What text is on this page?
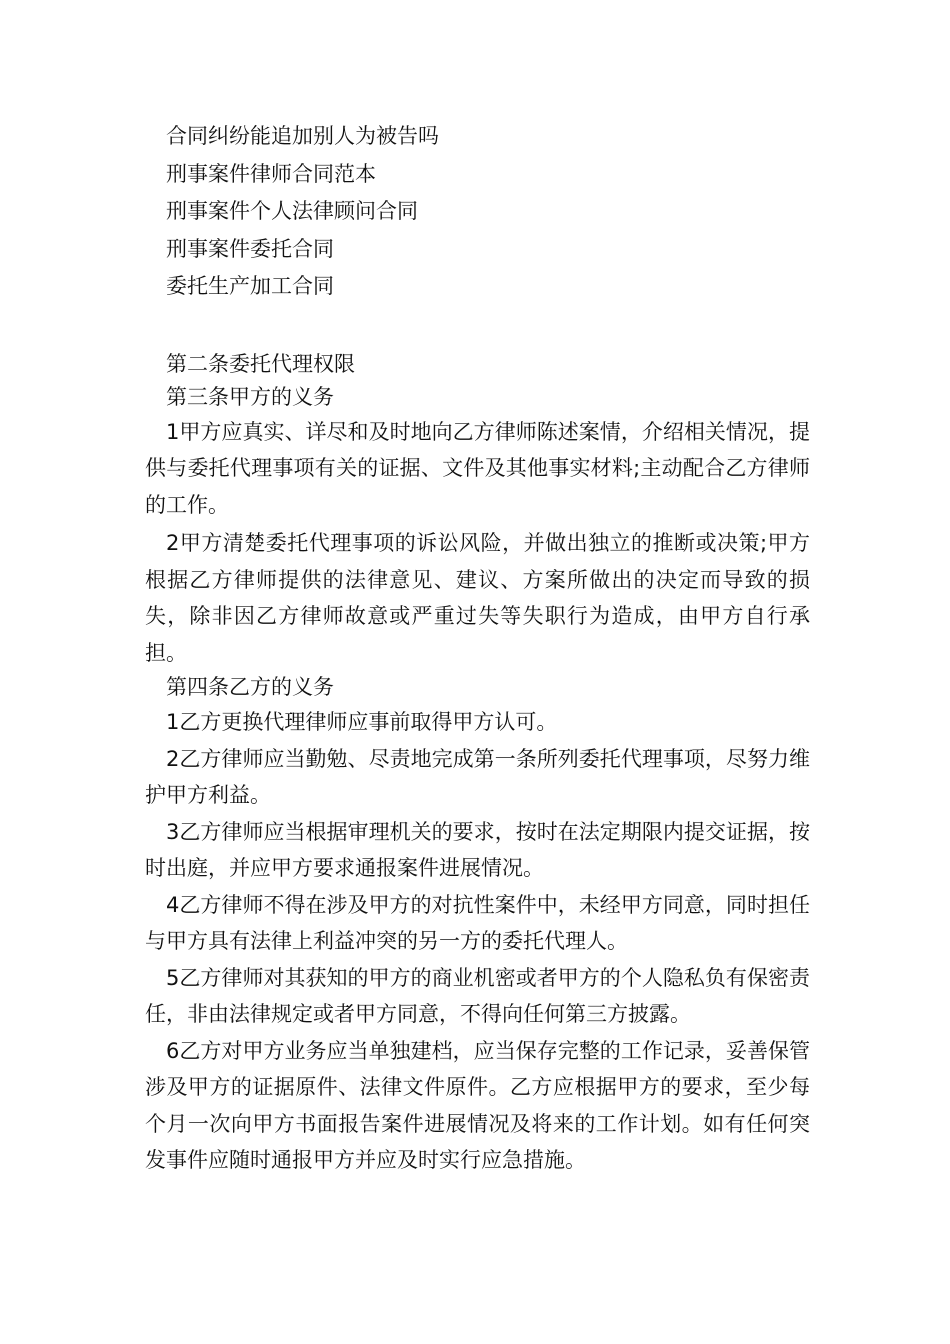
合同纠纷能追加别人为被告吗
刑事案件律师合同范本
刑事案件个人法律顾问合同
刑事案件委托合同
委托生产加工合同
第二条委托代理权限
第三条甲方的义务

1甲方应真实、详尽和及时地向乙方律师陈述案情，介绍相关情况，提供与委托代理事项有关的证据、文件及其他事实材料;主动配合乙方律师的工作。

2甲方清楚委托代理事项的诉讼风险，并做出独立的推断或决策;甲方根据乙方律师提供的法律意见、建议、方案所做出的决定而导致的损失，除非因乙方律师故意或严重过失等失职行为造成，由甲方自行承担。

第四条乙方的义务

1乙方更换代理律师应事前取得甲方认可。

2乙方律师应当勤勉、尽责地完成第一条所列委托代理事项，尽努力维护甲方利益。

3乙方律师应当根据审理机关的要求，按时在法定期限内提交证据，按时出庭，并应甲方要求通报案件进展情况。

4乙方律师不得在涉及甲方的对抗性案件中，未经甲方同意，同时担任与甲方具有法律上利益冲突的另一方的委托代理人。

5乙方律师对其获知的甲方的商业机密或者甲方的个人隐私负有保密责任，非由法律规定或者甲方同意，不得向任何第三方披露。

6乙方对甲方业务应当单独建档，应当保存完整的工作记录，妥善保管涉及甲方的证据原件、法律文件原件。乙方应根据甲方的要求，至少每个月一次向甲方书面报告案件进展情况及将来的工作计划。如有任何突发事件应随时通报甲方并应及时实行应急措施。
